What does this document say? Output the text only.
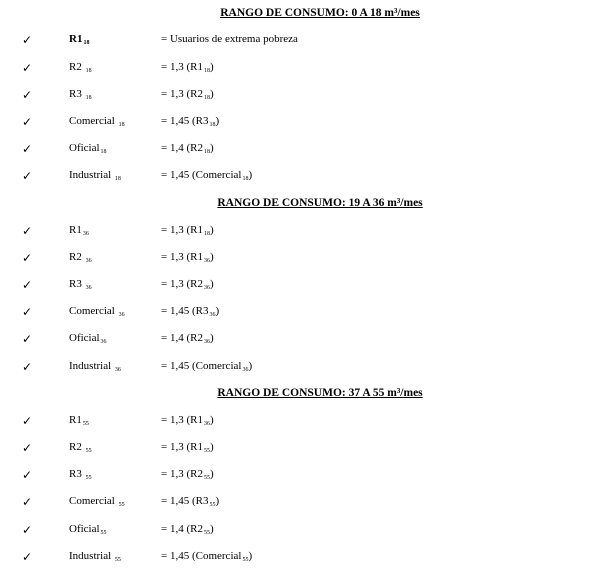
RANGO DE CONSUMO: 0 A 18 m³/mes
✓	R118	= Usuarios de extrema pobreza
✓	R2 18	= 1,3 (R118)
✓	R3 18	= 1,3 (R218)
✓	Comercial 18	= 1,45 (R318)
✓	Oficial18	= 1,4 (R218)
✓	Industrial 18	= 1,45 (Comercial18)
RANGO DE CONSUMO: 19 A 36 m³/mes
✓	R136	= 1,3 (R118)
✓	R2 36	= 1,3 (R136)
✓	R3 36	= 1,3 (R236)
✓	Comercial 36	= 1,45 (R336)
✓	Oficial36	= 1,4 (R236)
✓	Industrial 36	= 1,45 (Comercial36)
RANGO DE CONSUMO: 37 A 55 m³/mes
✓	R155	= 1,3 (R136)
✓	R2 55	= 1,3 (R155)
✓	R3 55	= 1,3 (R255)
✓	Comercial 55	= 1,45 (R355)
✓	Oficial55	= 1,4 (R255)
✓	Industrial 55	= 1,45 (Comercial55)
